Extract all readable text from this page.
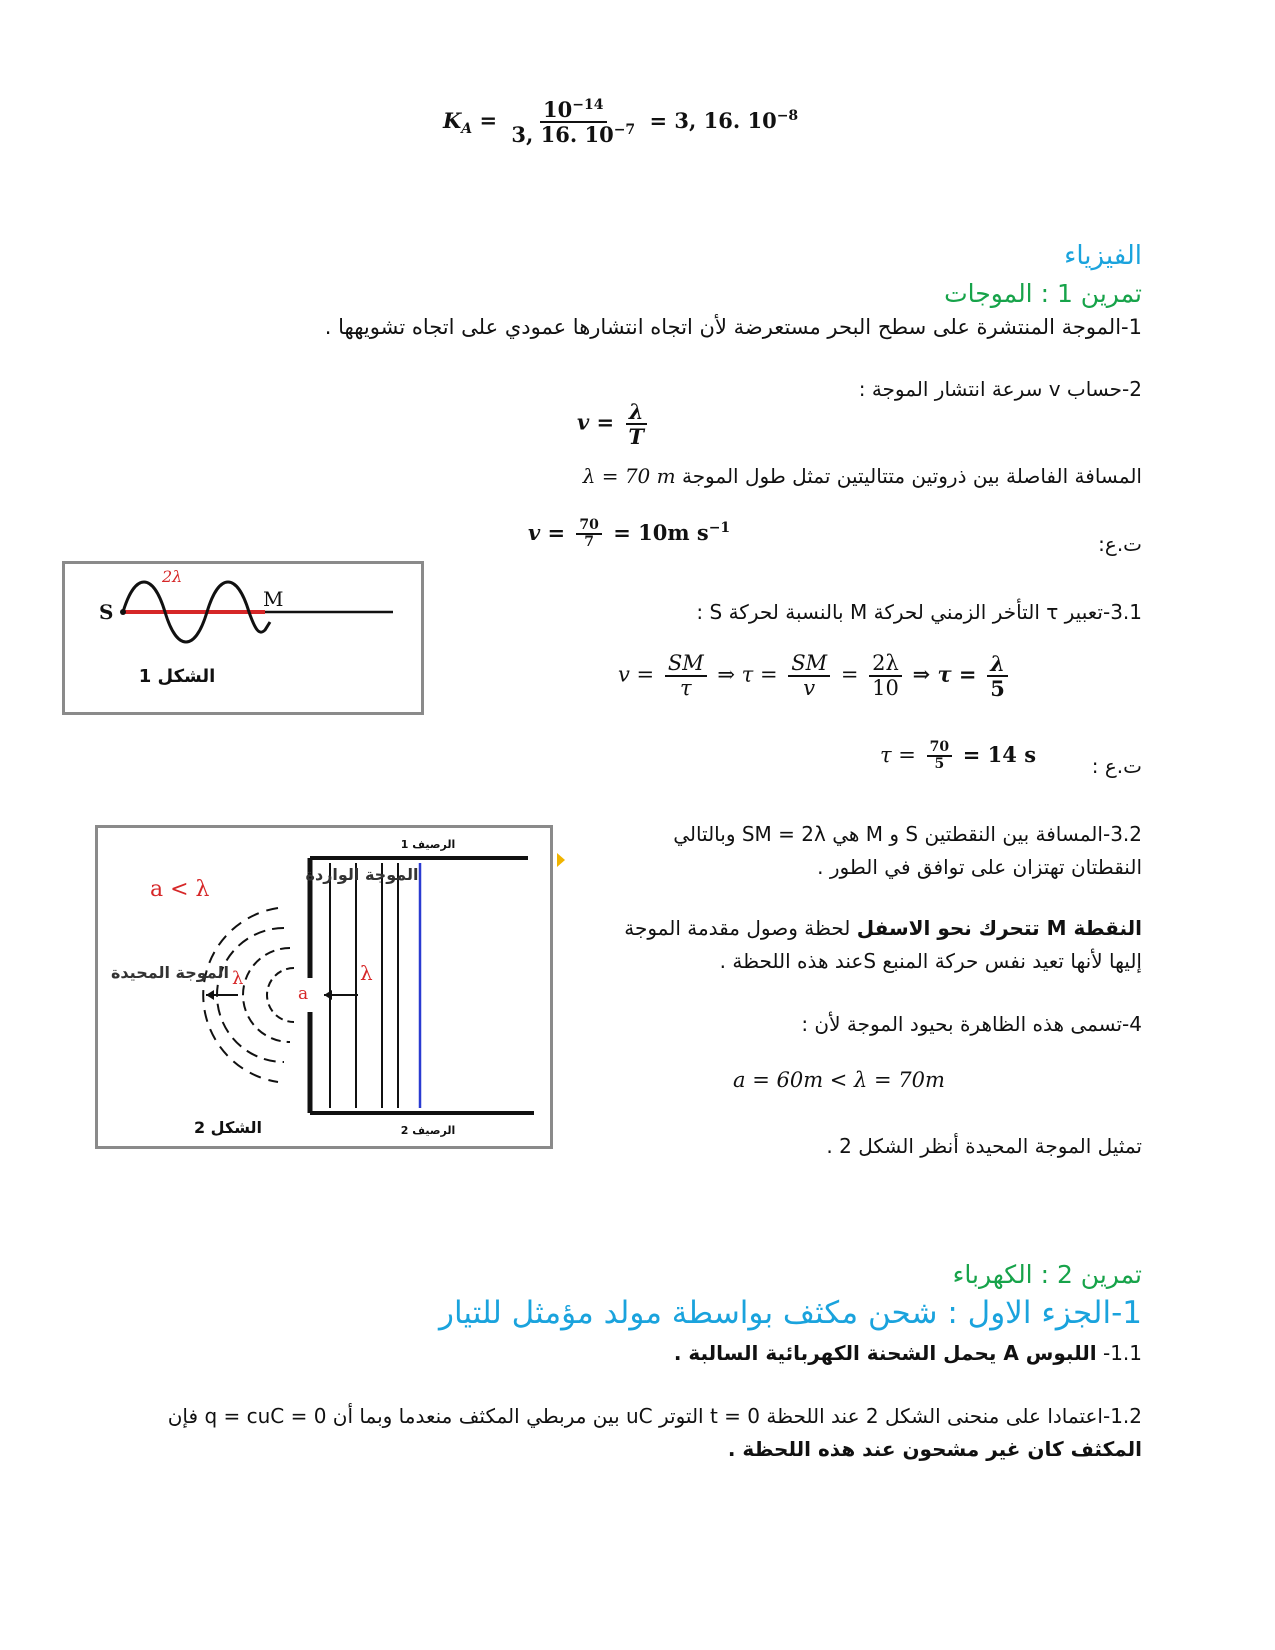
$K_A = \frac{10^{-14}}{3, 16. 10^{-7}} = 3$, 16. $10^{-8}$
الفيزياء
تمرين 1 : الموجات
1-الموجة المنتشرة على سطح البحر مستعرضة لأن اتجاه انتشارها عمودي على اتجاه تشويهها .
2-حساب v سرعة انتشار الموجة :
$v = \frac{\lambda}{T}$
المسافة الفاصلة بين ذروتين متتاليتين تمثل طول الموجة λ = 70 m
ت.ع:
$v = \frac{70}{7} = 10m$ $s^{-1}$
3.1-تعبير τ التأخر الزمني لحركة M بالنسبة لحركة S :
$v = \frac{SM}{\tau}$ ⇒ $\tau = \frac{SM}{v} = \frac{2\lambda}{10}$ ⇒ $\tau = \frac{\lambda}{5}$
ت.ع :
$\tau = \frac{70}{5} = 14$ s
3.2-المسافة بين النقطتين S و M هي SM = 2λ وبالتالي
النقطتان تهتزان على توافق في الطور .
النقطة M تتحرك نحو الاسفل لحظة وصول مقدمة الموجة
إليها لأنها تعيد نفس حركة المنبع Sعند هذه اللحظة .
4-تسمى هذه الظاهرة بحيود الموجة لأن :
a = 60m < λ = 70m
تمثيل الموجة المحيدة أنظر الشكل 2 .
S
M
2λ
الشكل 1
a < λ
a
λ	λ
الموجة الواردة
الموجة المحيدة
الشكل 2
الرصيف 1
الرصيف 2
تمرين 2 : الكهرباء
1-الجزء الاول : شحن مكثف بواسطة مولد مؤمثل للتيار
1.1- اللبوس A يحمل الشحنة الكهربائية السالبة .
1.2-اعتمادا على منحنى الشكل 2 عند اللحظة t = 0 التوتر uC بين مربطي المكثف منعدما وبما أن q = cuC = 0 فإن
المكثف كان غير مشحون عند هذه اللحظة .
